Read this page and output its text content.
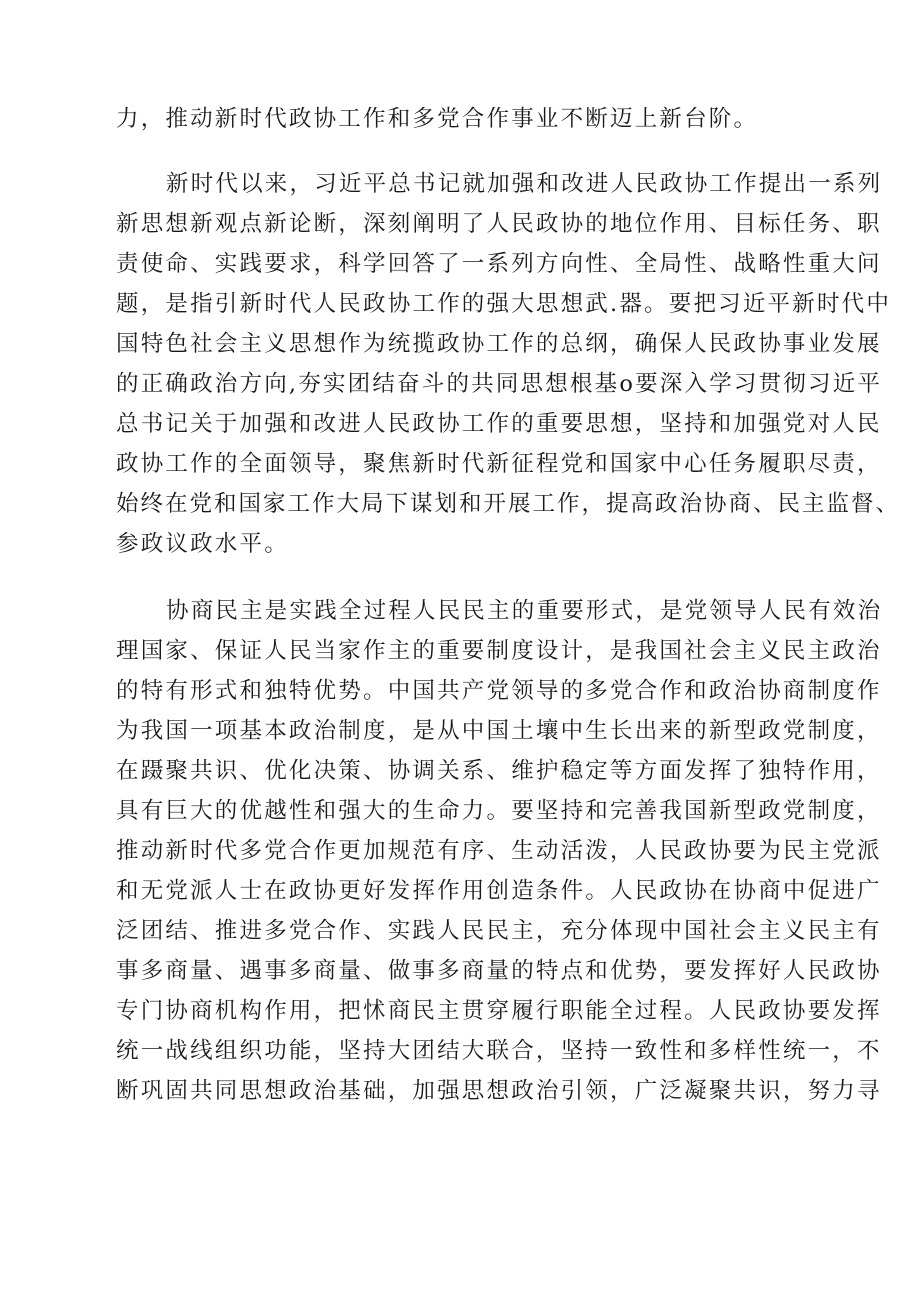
力，推动新时代政协工作和多党合作事业不断迈上新台阶。

新时代以来，习近平总书记就加强和改进人民政协工作提出一系列

新思想新观点新论断，深刻阐明了人民政协的地位作用、目标任务、职

责使命、实践要求，科学回答了一系列方向性、全局性、战略性重大问

题，是指引新时代人民政协工作的强大思想武.器。要把习近平新时代中

国特色社会主义思想作为统揽政协工作的总纲，确保人民政协事业发展

的正确政治方向,夯实团结奋斗的共同思想根基o要深入学习贯彻习近平

总书记关于加强和改进人民政协工作的重要思想，坚持和加强党对人民

政协工作的全面领导，聚焦新时代新征程党和国家中心任务履职尽责，

始终在党和国家工作大局下谋划和开展工作，提高政治协商、民主监督、

参政议政水平。

协商民主是实践全过程人民民主的重要形式，是党领导人民有效治

理国家、保证人民当家作主的重要制度设计，是我国社会主义民主政治

的特有形式和独特优势。中国共产党领导的多党合作和政治协商制度作

为我国一项基本政治制度，是从中国土壤中生长出来的新型政党制度，

在蹑聚共识、优化决策、协调关系、维护稳定等方面发挥了独特作用，

具有巨大的优越性和强大的生命力。要坚持和完善我国新型政党制度，

推动新时代多党合作更加规范有序、生动活泼，人民政协要为民主党派

和无党派人士在政协更好发挥作用创造条件。人民政协在协商中促进广

泛团结、推进多党合作、实践人民民主，充分体现中国社会主义民主有

事多商量、遇事多商量、做事多商量的特点和优势，要发挥好人民政协

专门协商机构作用，把怵商民主贯穿履行职能全过程。人民政协要发挥

统一战线组织功能，坚持大团结大联合，坚持一致性和多样性统一，不

断巩固共同思想政治基础，加强思想政治引领，广泛凝聚共识，努力寻
